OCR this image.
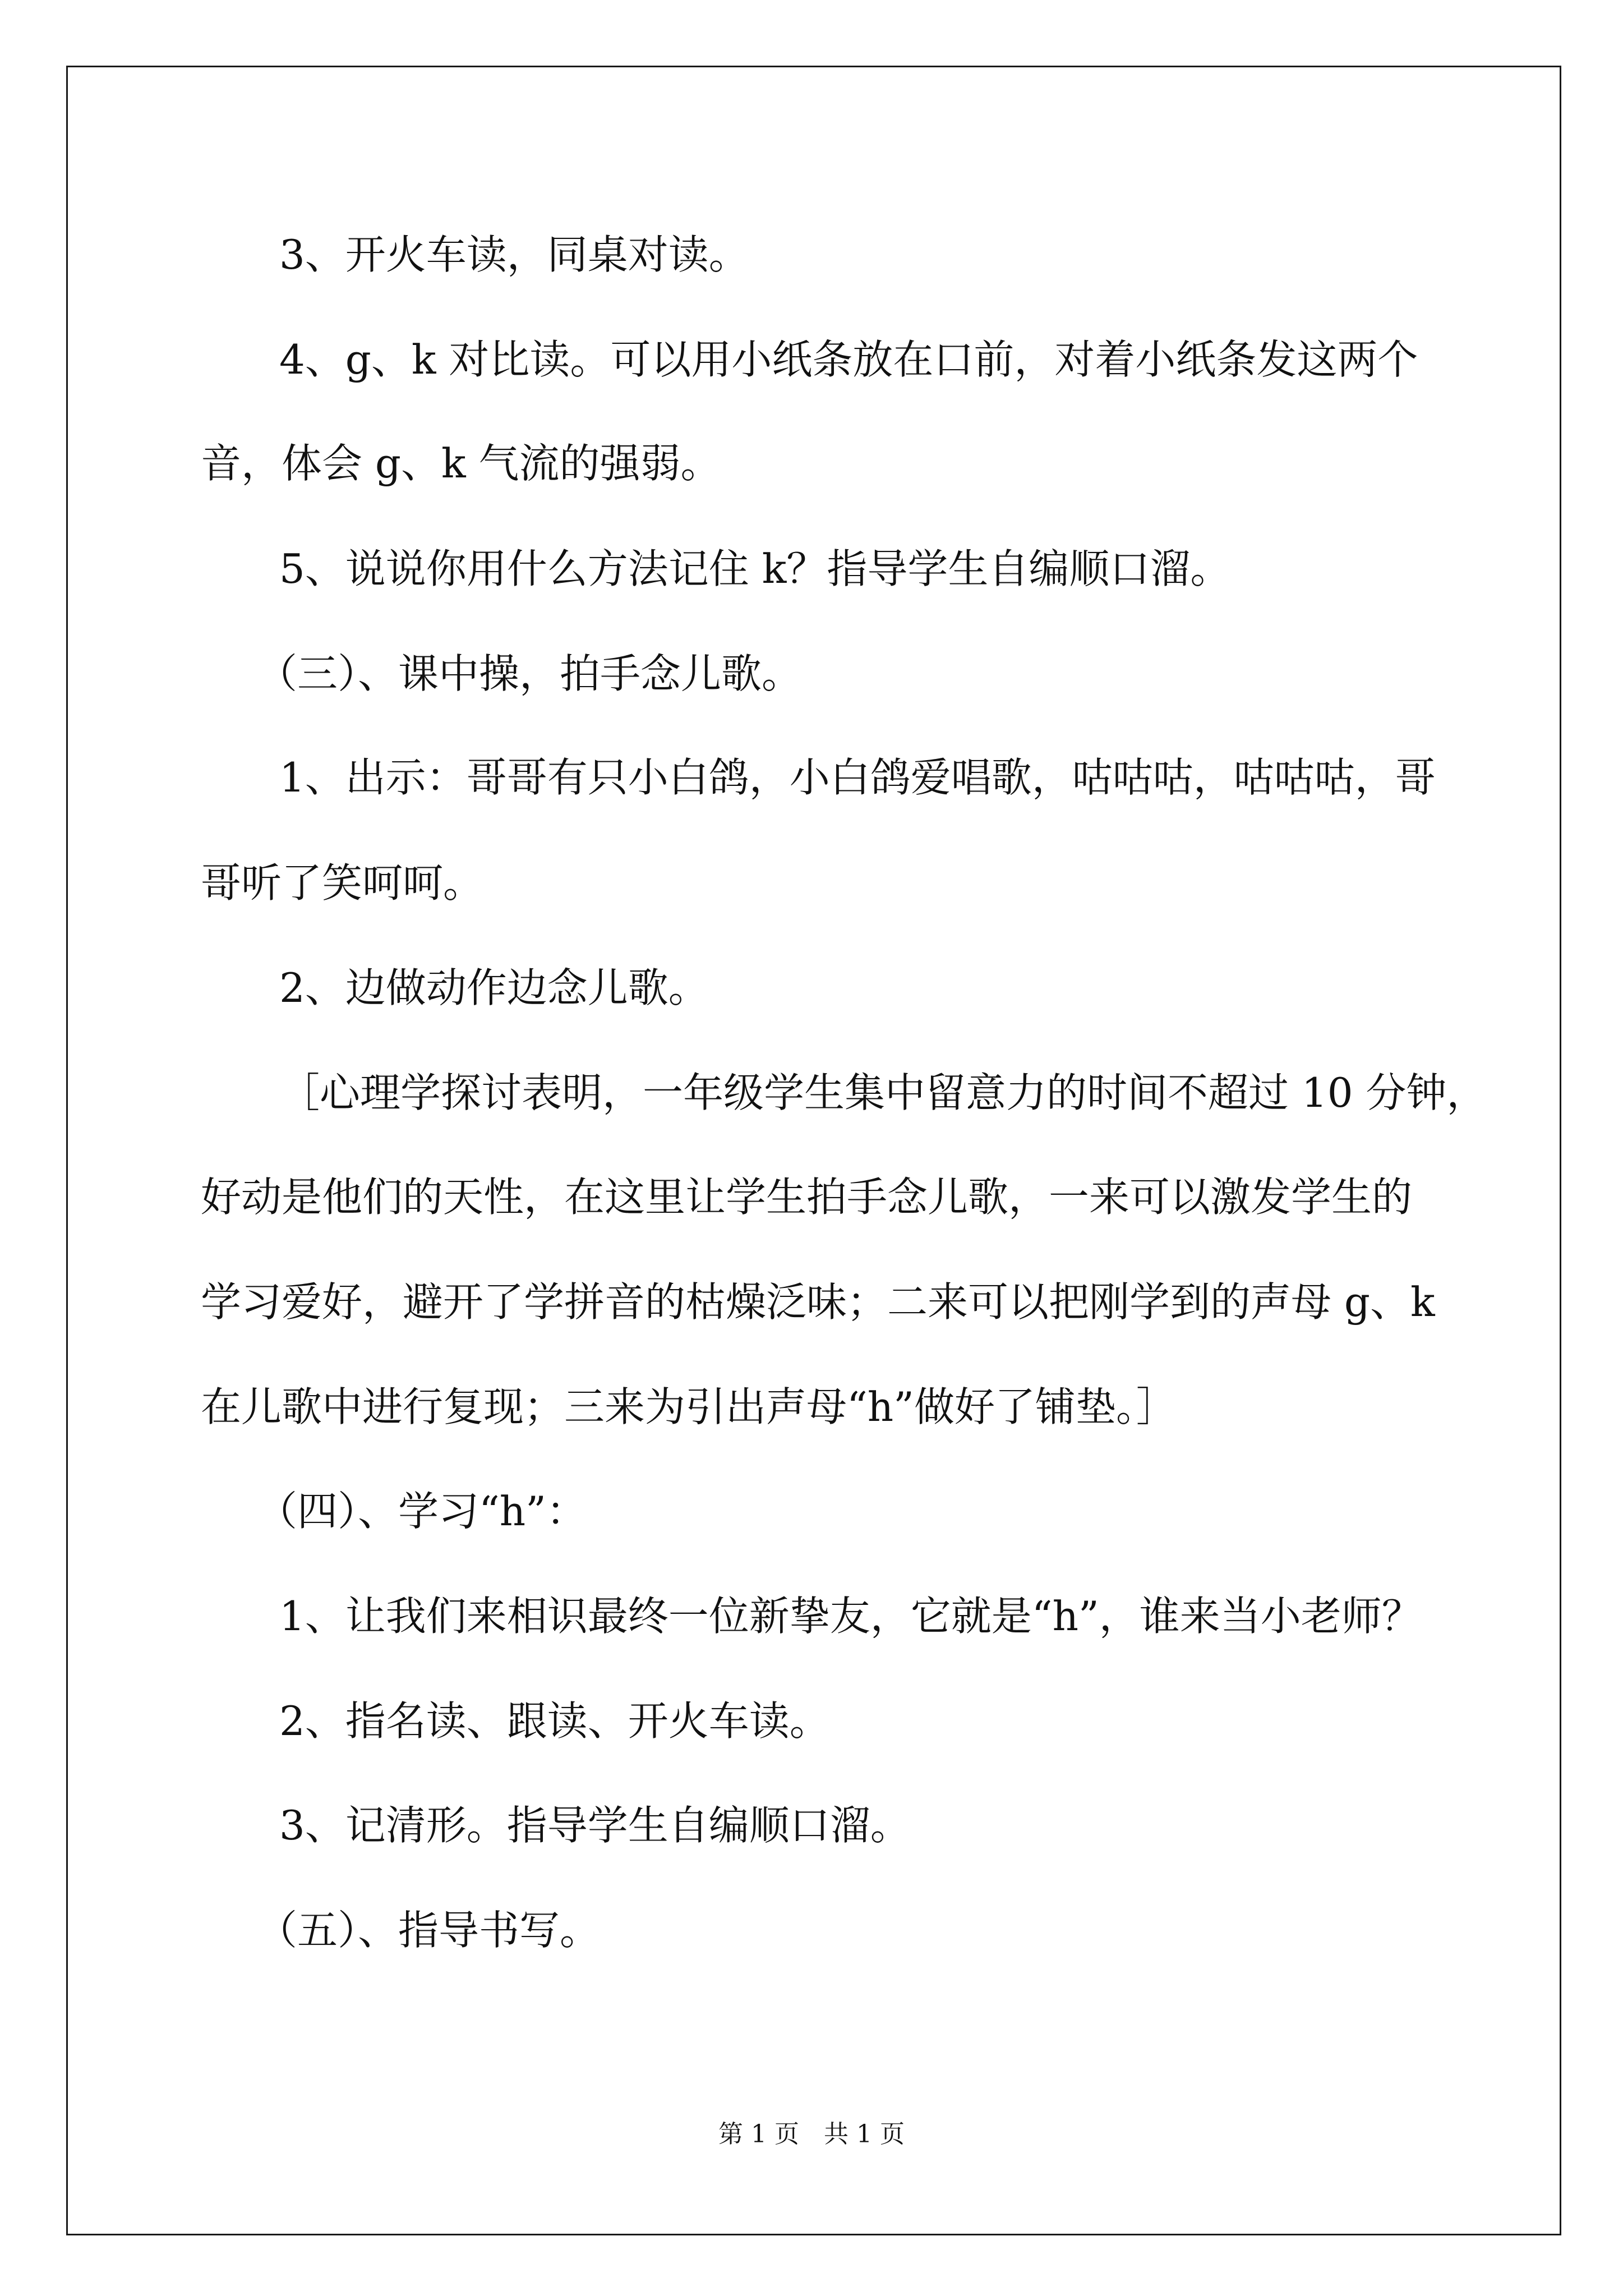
3、开火车读，同桌对读。
4、g、k 对比读。可以用小纸条放在口前，对着小纸条发这两个
音，体会 g、k 气流的强弱。
5、说说你用什么方法记住 k？指导学生自编顺口溜。
（三）、课中操，拍手念儿歌。
1、出示：哥哥有只小白鸽，小白鸽爱唱歌，咕咕咕，咕咕咕，哥
哥听了笑呵呵。
2、边做动作边念儿歌。
［心理学探讨表明，一年级学生集中留意力的时间不超过 10 分钟，
好动是他们的天性，在这里让学生拍手念儿歌，一来可以激发学生的
学习爱好，避开了学拼音的枯燥泛味；二来可以把刚学到的声母 g、k
在儿歌中进行复现；三来为引出声母“h”做好了铺垫。］
（四）、学习“h”：
1、让我们来相识最终一位新挚友，它就是“h”，谁来当小老师？
2、指名读、跟读、开火车读。
3、记清形。指导学生自编顺口溜。
（五）、指导书写。
第 1 页　共 1 页
